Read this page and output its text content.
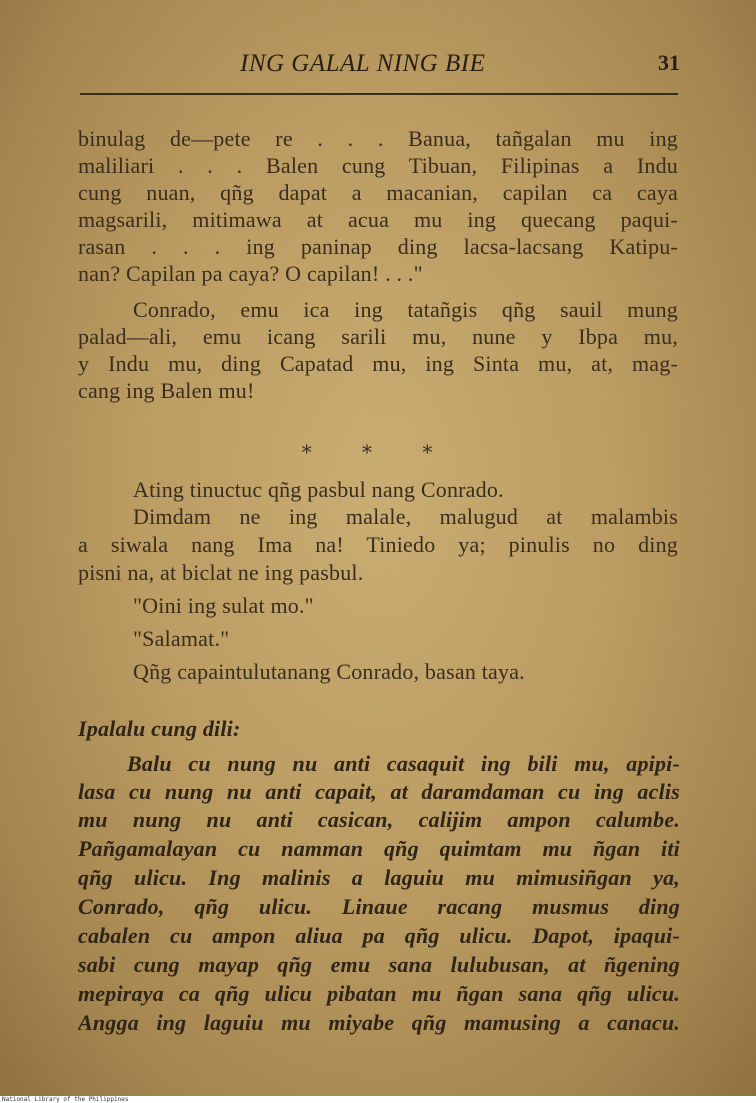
ING GALAL NING BIE	31
binulag de—pete re . . . Banua, tañgalan mu ing
maliliari . . . Balen cung Tibuan, Filipinas a Indu
cung nuan, qñg dapat a macanian, capilan ca caya
magsarili, mitimawa at acua mu ing quecang paqui-
rasan . . . ing paninap ding lacsa-lacsang Katipu-
nan? Capilan pa caya? O capilan! . . ."
Conrado, emu ica ing tatañgis qñg sauil mung
palad—ali, emu icang sarili mu, nune y Ibpa mu,
y Indu mu, ding Capatad mu, ing Sinta mu, at, mag-
cang ing Balen mu!
* * *
Ating tinuctuc qñg pasbul nang Conrado.
Dimdam ne ing malale, malugud at malambis
a siwala nang Ima na! Tiniedo ya; pinulis no ding
pisni na, at biclat ne ing pasbul.
"Oini ing sulat mo."
"Salamat."
Qñg capaintulutanang Conrado, basan taya.
Ipalalu cung dili:
Balu cu nung nu anti casaquit ing bili mu, apipi-
lasa cu nung nu anti capait, at daramdaman cu ing aclis
mu nung nu anti casican, calijim ampon calumbe.
Pañgamalayan cu namman qñg quimtam mu ñgan iti
qñg ulicu. Ing malinis a laguiu mu mimusiñgan ya,
Conrado, qñg ulicu. Linaue racang musmus ding
cabalen cu ampon aliua pa qñg ulicu. Dapot, ipaqui-
sabi cung mayap qñg emu sana lulubusan, at ñgening
mepiraya ca qñg ulicu pibatan mu ñgan sana qñg ulicu.
Angga ing laguiu mu miyabe qñg mamusing a canacu.
National Library of the Philippines
